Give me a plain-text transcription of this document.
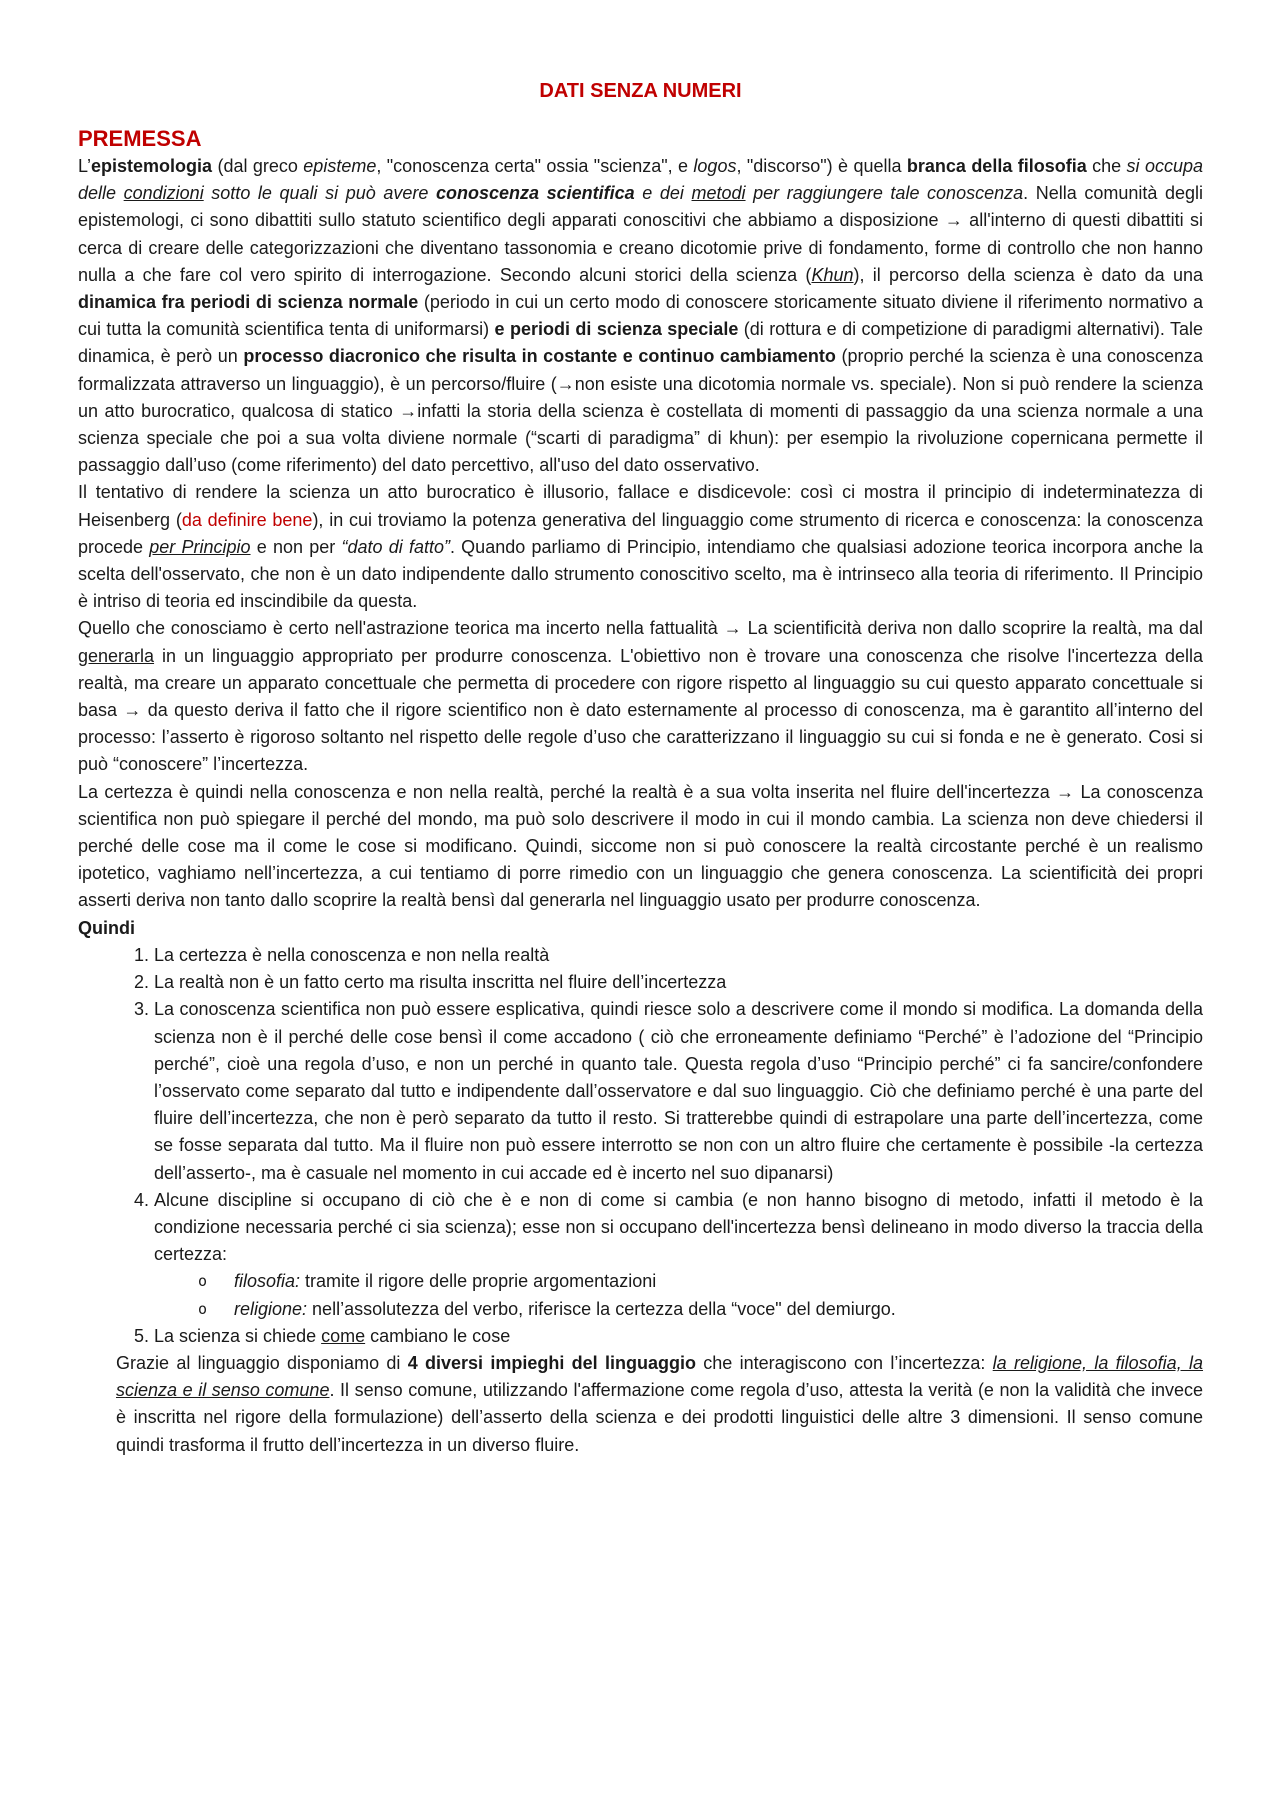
DATI SENZA NUMERI
PREMESSA

L’epistemologia (dal greco episteme, "conoscenza certa" ossia "scienza", e logos, "discorso") è quella branca della filosofia che si occupa delle condizioni sotto le quali si può avere conoscenza scientifica e dei metodi per raggiungere tale conoscenza. Nella comunità degli epistemologi, ci sono dibattiti sullo statuto scientifico degli apparati conoscitivi che abbiamo a disposizione → all'interno di questi dibattiti si cerca di creare delle categorizzazioni che diventano tassonomia e creano dicotomie prive di fondamento, forme di controllo che non hanno nulla a che fare col vero spirito di interrogazione. Secondo alcuni storici della scienza (Khun), il percorso della scienza è dato da una dinamica fra periodi di scienza normale (periodo in cui un certo modo di conoscere storicamente situato diviene il riferimento normativo a cui tutta la comunità scientifica tenta di uniformarsi) e periodi di scienza speciale (di rottura e di competizione di paradigmi alternativi). Tale dinamica, è però un processo diacronico che risulta in costante e continuo cambiamento (proprio perché la scienza è una conoscenza formalizzata attraverso un linguaggio), è un percorso/fluire (→non esiste una dicotomia normale vs. speciale). Non si può rendere la scienza un atto burocratico, qualcosa di statico →infatti la storia della scienza è costellata di momenti di passaggio da una scienza normale a una scienza speciale che poi a sua volta diviene normale (“scarti di paradigma” di khun): per esempio la rivoluzione copernicana permette il passaggio dall’uso (come riferimento) del dato percettivo, all'uso del dato osservativo.

Il tentativo di rendere la scienza un atto burocratico è illusorio, fallace e disdicevole: così ci mostra il principio di indeterminatezza di Heisenberg (da definire bene), in cui troviamo la potenza generativa del linguaggio come strumento di ricerca e conoscenza: la conoscenza procede per Principio e non per “dato di fatto”. Quando parliamo di Principio, intendiamo che qualsiasi adozione teorica incorpora anche la scelta dell'osservato, che non è un dato indipendente dallo strumento conoscitivo scelto, ma è intrinseco alla teoria di riferimento. Il Principio è intriso di teoria ed inscindibile da questa.

Quello che conosciamo è certo nell'astrazione teorica ma incerto nella fattualità → La scientificità deriva non dallo scoprire la realtà, ma dal generarla in un linguaggio appropriato per produrre conoscenza. L'obiettivo non è trovare una conoscenza che risolve l'incertezza della realtà, ma creare un apparato concettuale che permetta di procedere con rigore rispetto al linguaggio su cui questo apparato concettuale si basa → da questo deriva il fatto che il rigore scientifico non è dato esternamente al processo di conoscenza, ma è garantito all’interno del processo: l’asserto è rigoroso soltanto nel rispetto delle regole d’uso che caratterizzano il linguaggio su cui si fonda e ne è generato. Cosi si può “conoscere” l’incertezza.

La certezza è quindi nella conoscenza e non nella realtà, perché la realtà è a sua volta inserita nel fluire dell'incertezza → La conoscenza scientifica non può spiegare il perché del mondo, ma può solo descrivere il modo in cui il mondo cambia. La scienza non deve chiedersi il perché delle cose ma il come le cose si modificano. Quindi, siccome non si può conoscere la realtà circostante perché è un realismo ipotetico, vaghiamo nell’incertezza, a cui tentiamo di porre rimedio con un linguaggio che genera conoscenza. La scientificità dei propri asserti deriva non tanto dallo scoprire la realtà bensì dal generarla nel linguaggio usato per produrre conoscenza.

Quindi
1. La certezza è nella conoscenza e non nella realtà
2. La realtà non è un fatto certo ma risulta inscritta nel fluire dell’incertezza
3. La conoscenza scientifica non può essere esplicativa, quindi riesce solo a descrivere come il mondo si modifica. La domanda della scienza non è il perché delle cose bensì il come accadono ( ciò che erroneamente definiamo “Perché” è l’adozione del “Principio perché”, cioè una regola d’uso, e non un perché in quanto tale. Questa regola d’uso “Principio perché” ci fa sancire/confondere l’osservato come separato dal tutto e indipendente dall’osservatore e dal suo linguaggio. Ciò che definiamo perché è una parte del fluire dell’incertezza, che non è però separato da tutto il resto. Si tratterebbe quindi di estrapolare una parte dell’incertezza, come se fosse separata dal tutto. Ma il fluire non può essere interrotto se non con un altro fluire che certamente è possibile -la certezza dell’asserto-, ma è casuale nel momento in cui accade ed è incerto nel suo dipanarsi)
4. Alcune discipline si occupano di ciò che è e non di come si cambia (e non hanno bisogno di metodo, infatti il metodo è la condizione necessaria perché ci sia scienza); esse non si occupano dell'incertezza bensì delineano in modo diverso la traccia della certezza:
o filosofia: tramite il rigore delle proprie argomentazioni
o religione: nell’assolutezza del verbo, riferisce la certezza della “voce" del demiurgo.
5. La scienza si chiede come cambiano le cose

Grazie al linguaggio disponiamo di 4 diversi impieghi del linguaggio che interagiscono con l’incertezza: la religione, la filosofia, la scienza e il senso comune. Il senso comune, utilizzando l'affermazione come regola d’uso, attesta la verità (e non la validità che invece è inscritta nel rigore della formulazione) dell’asserto della scienza e dei prodotti linguistici delle altre 3 dimensioni. Il senso comune quindi trasforma il frutto dell’incertezza in un diverso fluire.
